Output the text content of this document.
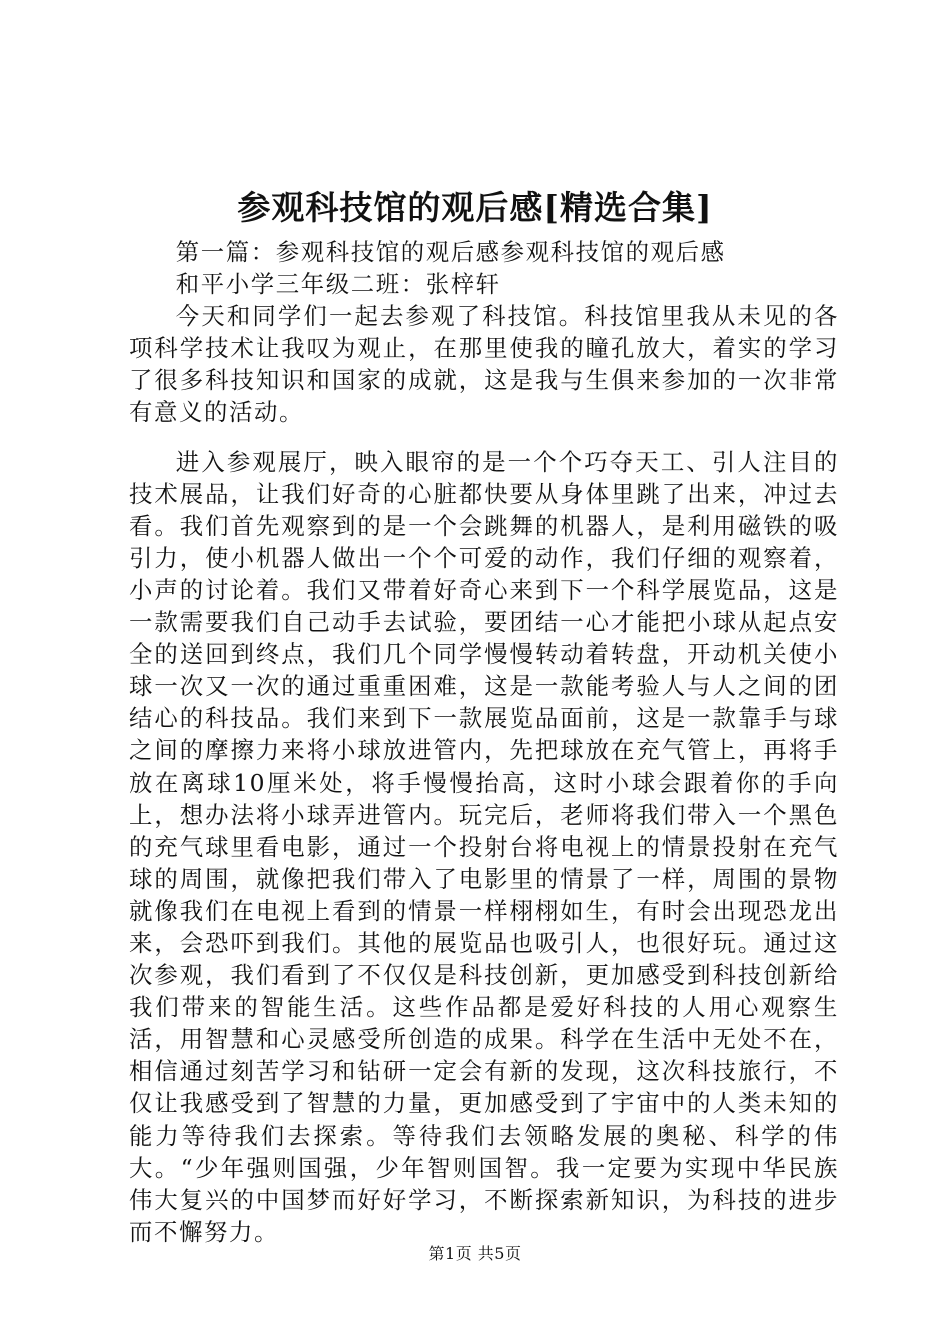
参观科技馆的观后感[精选合集]

第一篇：参观科技馆的观后感参观科技馆的观后感

和平小学三年级二班：张梓轩

今天和同学们一起去参观了科技馆。科技馆里我从未见的各项科学技术让我叹为观止，在那里使我的瞳孔放大，着实的学习了很多科技知识和国家的成就，这是我与生俱来参加的一次非常有意义的活动。

进入参观展厅，映入眼帘的是一个个巧夺天工、引人注目的技术展品，让我们好奇的心脏都快要从身体里跳了出来，冲过去看。我们首先观察到的是一个会跳舞的机器人，是利用磁铁的吸引力，使小机器人做出一个个可爱的动作，我们仔细的观察着，小声的讨论着。我们又带着好奇心来到下一个科学展览品，这是一款需要我们自己动手去试验，要团结一心才能把小球从起点安全的送回到终点，我们几个同学慢慢转动着转盘，开动机关使小球一次又一次的通过重重困难，这是一款能考验人与人之间的团结心的科技品。我们来到下一款展览品面前，这是一款靠手与球之间的摩擦力来将小球放进管内，先把球放在充气管上，再将手放在离球10厘米处，将手慢慢抬高，这时小球会跟着你的手向上，想办法将小球弄进管内。玩完后，老师将我们带入一个黑色的充气球里看电影，通过一个投射台将电视上的情景投射在充气球的周围，就像把我们带入了电影里的情景了一样，周围的景物就像我们在电视上看到的情景一样栩栩如生，有时会出现恐龙出来，会恐吓到我们。其他的展览品也吸引人，也很好玩。通过这次参观，我们看到了不仅仅是科技创新，更加感受到科技创新给我们带来的智能生活。这些作品都是爱好科技的人用心观察生活，用智慧和心灵感受所创造的成果。科学在生活中无处不在，相信通过刻苦学习和钻研一定会有新的发现，这次科技旅行，不仅让我感受到了智慧的力量，更加感受到了宇宙中的人类未知的能力等待我们去探索。等待我们去领略发展的奥秘、科学的伟大。“少年强则国强，少年智则国智。我一定要为实现中华民族伟大复兴的中国梦而好好学习，不断探索新知识，为科技的进步而不懈努力。

第1页 共5页
